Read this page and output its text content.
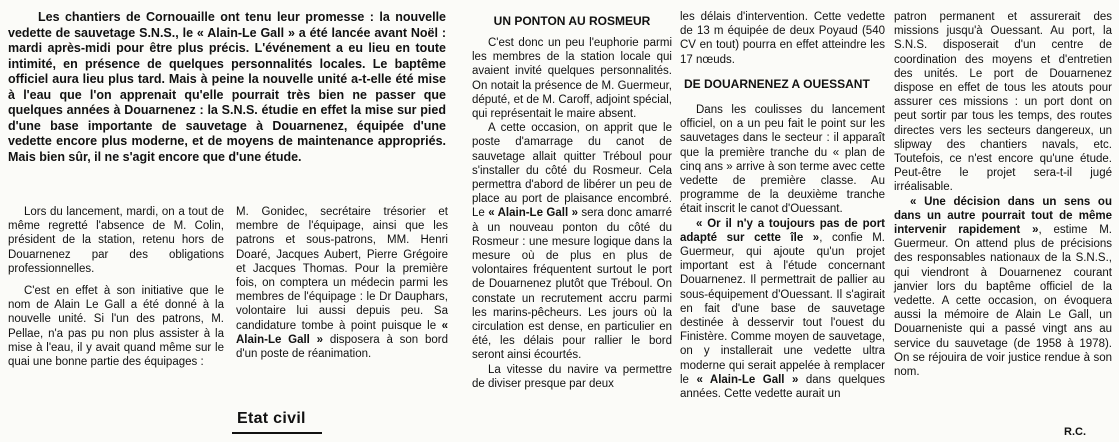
Les chantiers de Cornouaille ont tenu leur promesse : la nouvelle vedette de sauvetage S.N.S., le « Alain-Le Gall » a été lancée avant Noël : mardi après-midi pour être plus précis. L'événement a eu lieu en toute intimité, en présence de quelques personnalités locales. Le baptême officiel aura lieu plus tard. Mais à peine la nouvelle unité a-t-elle été mise à l'eau que l'on apprenait qu'elle pourrait très bien ne passer que quelques années à Douarnenez : la S.N.S. étudie en effet la mise sur pied d'une base importante de sauvetage à Douarnenez, équipée d'une vedette encore plus moderne, et de moyens de maintenance appropriés. Mais bien sûr, il ne s'agit encore que d'une étude.

Lors du lancement, mardi, on a tout de même regretté l'absence de M. Colin, président de la station, retenu hors de Douarnenez par des obligations professionnelles.

C'est en effet à son initiative que le nom de Alain Le Gall a été donné à la nouvelle unité. Si l'un des patrons, M. Pellae, n'a pas pu non plus assister à la mise à l'eau, il y avait quand même sur le quai une bonne partie des équipages :

M. Gonidec, secrétaire trésorier et membre de l'équipage, ainsi que les patrons et sous-patrons, MM. Henri Doaré, Jacques Aubert, Pierre Grégoire et Jacques Thomas. Pour la première fois, on comptera un médecin parmi les membres de l'équipage : le Dr Dauphars, volontaire lui aussi depuis peu. Sa candidature tombe à point puisque le « Alain-Le Gall » disposera à son bord d'un poste de réanimation.

UN PONTON AU ROSMEUR

C'est donc un peu l'euphorie parmi les membres de la station locale qui avaient invité quelques personnalités. On notait la présence de M. Guermeur, député, et de M. Caroff, adjoint spécial, qui représentait le maire absent.

A cette occasion, on apprit que le poste d'amarrage du canot de sauvetage allait quitter Tréboul pour s'installer du côté du Rosmeur. Cela permettra d'abord de libérer un peu de place au port de plaisance encombré. Le « Alain-Le Gall » sera donc amarré à un nouveau ponton du côté du Rosmeur : une mesure logique dans la mesure où de plus en plus de volontaires fréquentent surtout le port de Douarnenez plutôt que Tréboul. On constate un recrutement accru parmi les marins-pêcheurs. Les jours où la circulation est dense, en particulier en été, les délais pour rallier le bord seront ainsi écourtés.

La vitesse du navire va permettre de diviser presque par deux

les délais d'intervention. Cette vedette de 13 m équipée de deux Poyaud (540 CV en tout) pourra en effet atteindre les 17 nœuds.

DE DOUARNENEZ A OUESSANT

Dans les coulisses du lancement officiel, on a un peu fait le point sur les sauvetages dans le secteur : il apparaît que la première tranche du « plan de cinq ans » arrive à son terme avec cette vedette de première classe. Au programme de la deuxième tranche était inscrit le canot d'Ouessant.

« Or il n'y a toujours pas de port adapté sur cette île », confie M. Guermeur, qui ajoute qu'un projet important est à l'étude concernant Douarnenez. Il permettrait de pallier au sous-équipement d'Ouessant. Il s'agirait en fait d'une base de sauvetage destinée à desservir tout l'ouest du Finistère. Comme moyen de sauvetage, on y installerait une vedette ultra moderne qui serait appelée à remplacer le « Alain-Le Gall » dans quelques années. Cette vedette aurait un

patron permanent et assurerait des missions jusqu'à Ouessant. Au port, la S.N.S. disposerait d'un centre de coordination des moyens et d'entretien des unités. Le port de Douarnenez dispose en effet de tous les atouts pour assurer ces missions : un port dont on peut sortir par tous les temps, des routes directes vers les secteurs dangereux, un slipway des chantiers navals, etc. Toutefois, ce n'est encore qu'une étude. Peut-être le projet sera-t-il jugé irréalisable.

« Une décision dans un sens ou dans un autre pourrait tout de même intervenir rapidement », estime M. Guermeur. On attend plus de précisions des responsables nationaux de la S.N.S., qui viendront à Douarnenez courant janvier lors du baptême officiel de la vedette. A cette occasion, on évoquera aussi la mémoire de Alain Le Gall, un Douarneniste qui a passé vingt ans au service du sauvetage (de 1958 à 1978). On se réjouira de voir justice rendue à son nom.

Etat civil
R.C.
